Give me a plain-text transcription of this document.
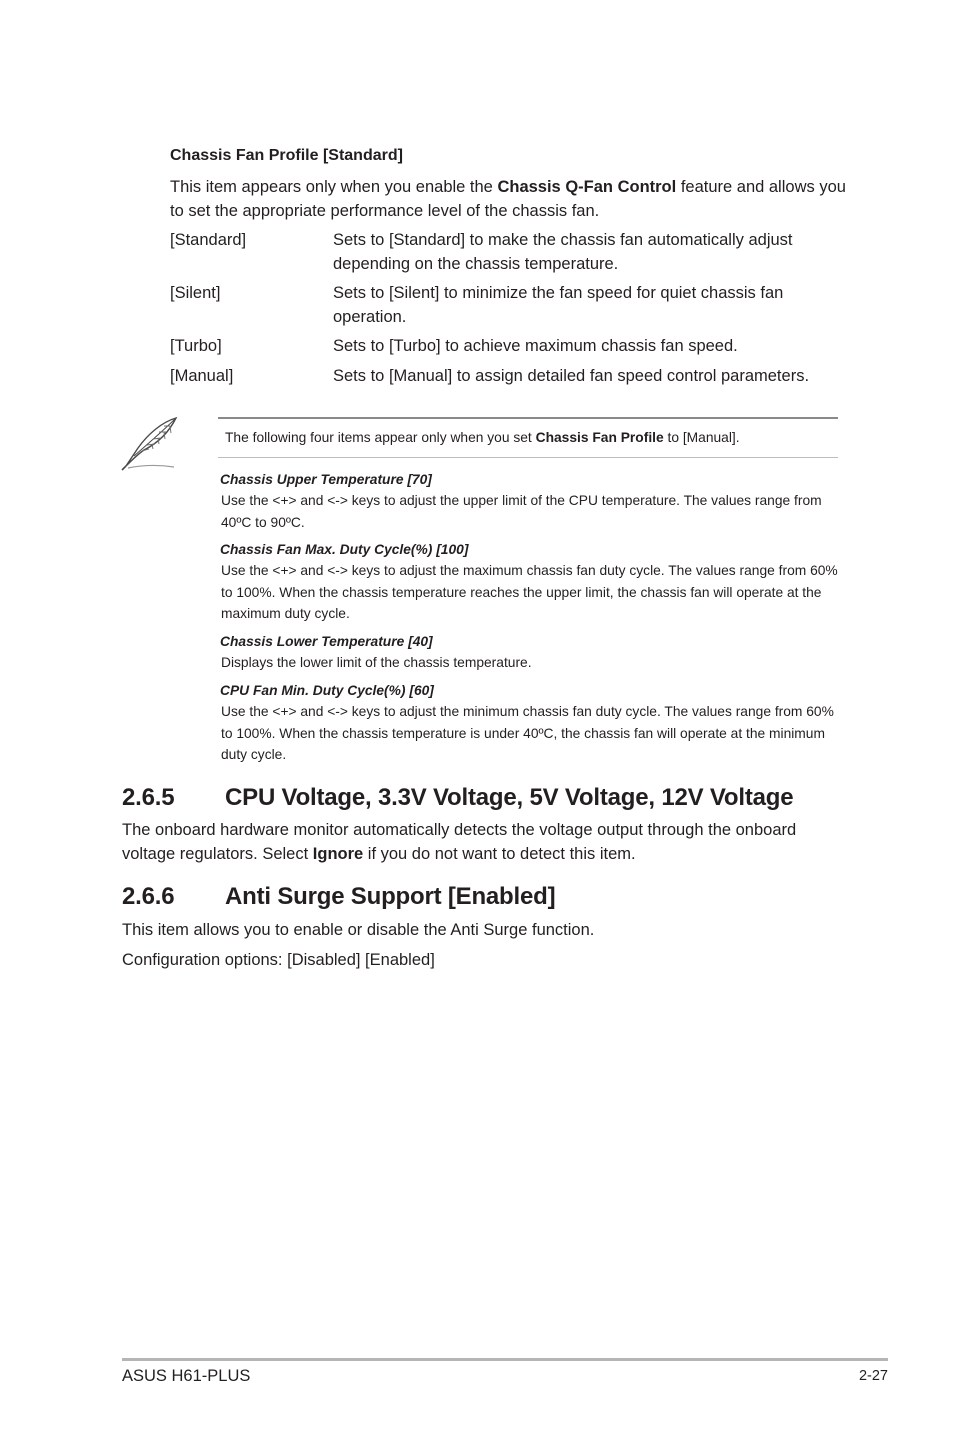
Chassis Fan Profile [Standard]
This item appears only when you enable the Chassis Q-Fan Control feature and allows you to set the appropriate performance level of the chassis fan.
[Standard]	Sets to [Standard] to make the chassis fan automatically adjust depending on the chassis temperature.
[Silent]	Sets to [Silent] to minimize the fan speed for quiet chassis fan operation.
[Turbo]	Sets to [Turbo] to achieve maximum chassis fan speed.
[Manual]	Sets to [Manual] to assign detailed fan speed control parameters.
The following four items appear only when you set Chassis Fan Profile to [Manual].
Chassis Upper Temperature [70]
Use the <+> and <-> keys to adjust the upper limit of the CPU temperature. The values range from 40ºC to 90ºC.
Chassis Fan Max. Duty Cycle(%) [100]
Use the <+> and <-> keys to adjust the maximum chassis fan duty cycle. The values range from 60% to 100%. When the chassis temperature reaches the upper limit, the chassis fan will operate at the maximum duty cycle.
Chassis Lower Temperature [40]
Displays the lower limit of the chassis temperature.
CPU Fan Min. Duty Cycle(%) [60]
Use the <+> and <-> keys to adjust the minimum chassis fan duty cycle. The values range from 60% to 100%. When the chassis temperature is under 40ºC, the chassis fan will operate at the minimum duty cycle.
2.6.5	CPU Voltage, 3.3V Voltage, 5V Voltage, 12V Voltage
The onboard hardware monitor automatically detects the voltage output through the onboard voltage regulators. Select Ignore if you do not want to detect this item.
2.6.6	Anti Surge Support [Enabled]
This item allows you to enable or disable the Anti Surge function.
Configuration options: [Disabled] [Enabled]
ASUS H61-PLUS	2-27
